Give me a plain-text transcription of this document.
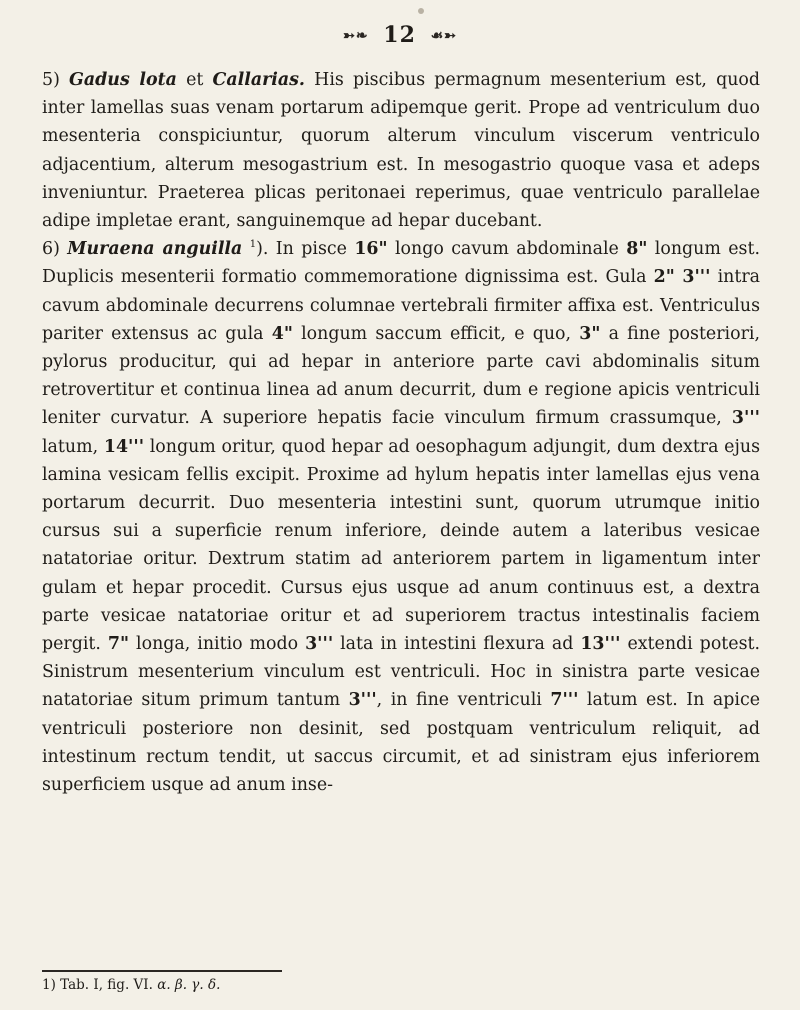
➳❧ 12 ☙➳

5) Gadus lota et Callarias. His piscibus permagnum mesenterium est, quod inter lamellas suas venam portarum adipemque gerit. Prope ad ventriculum duo mesenteria conspiciuntur, quorum alterum vinculum viscerum ventriculo adjacentium, alterum mesogastrium est. In mesogastrio quoque vasa et adeps inveniuntur. Praeterea plicas peritonaei reperimus, quae ventriculo parallelae adipe impletae erant, sanguinemque ad hepar ducebant.

6) Muraena anguilla $^1$). In pisce 16" longo cavum abdominale 8" longum est. Duplicis mesenterii formatio commemoratione dignissima est. Gula 2" 3''' intra cavum abdominale decurrens columnae vertebrali firmiter affixa est. Ventriculus pariter extensus ac gula 4" longum saccum efficit, e quo, 3" a fine posteriori, pylorus producitur, qui ad hepar in anteriore parte cavi abdominalis situm retrovertitur et continua linea ad anum decurrit, dum e regione apicis ventriculi leniter curvatur. A superiore hepatis facie vinculum firmum crassumque, 3''' latum, 14''' longum oritur, quod hepar ad oesophagum adjungit, dum dextra ejus lamina vesicam fellis excipit. Proxime ad hylum hepatis inter lamellas ejus vena portarum decurrit. Duo mesenteria intestini sunt, quorum utrumque initio cursus sui a superficie renum inferiore, deinde autem a lateribus vesicae natatoriae oritur. Dextrum statim ad anteriorem partem in ligamentum inter gulam et hepar procedit. Cursus ejus usque ad anum continuus est, a dextra parte vesicae natatoriae oritur et ad superiorem tractus intestinalis faciem pergit. 7" longa, initio modo 3''' lata in intestini flexura ad 13''' extendi potest. Sinistrum mesenterium vinculum est ventriculi. Hoc in sinistra parte vesicae natatoriae situm primum tantum 3''', in fine ventriculi 7''' latum est. In apice ventriculi posteriore non desinit, sed postquam ventriculum reliquit, ad intestinum rectum tendit, ut saccus circumit, et ad sinistram ejus inferiorem superficiem usque ad anum inse-

1) Tab. I, fig. VI. α. β. γ. δ.
